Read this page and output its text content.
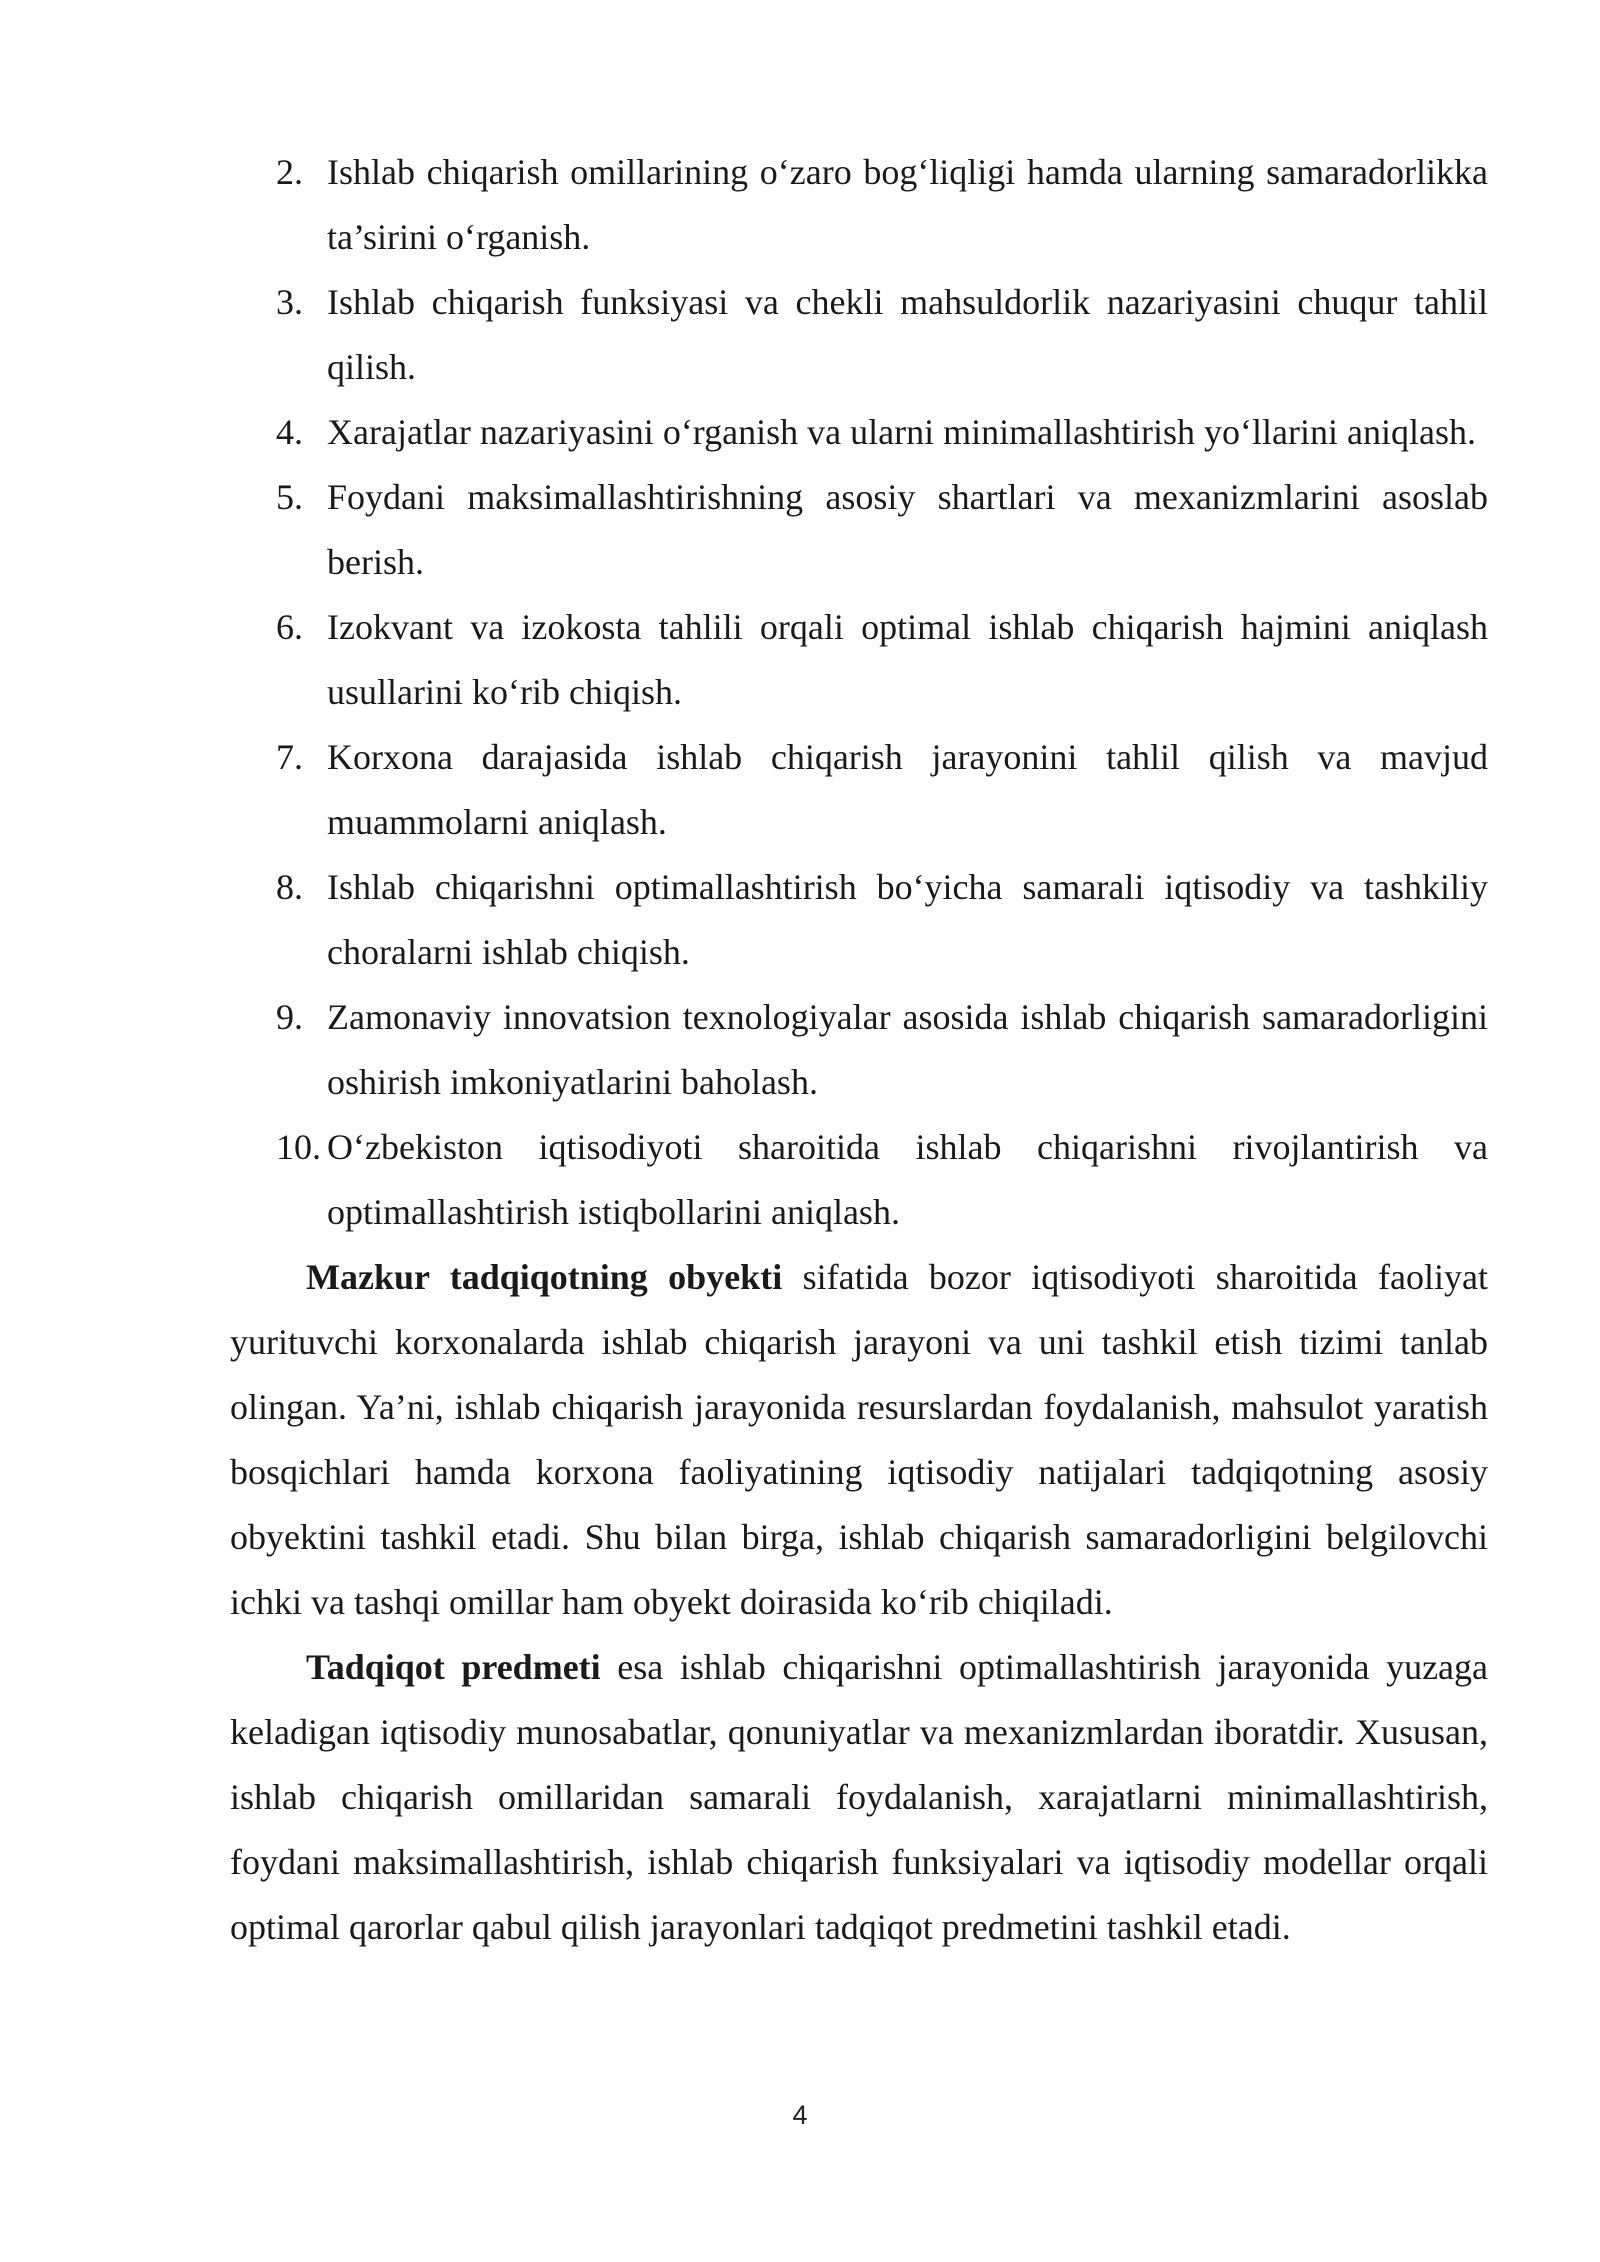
2. Ishlab chiqarish omillarining o‘zaro bog‘liqligi hamda ularning samaradorlikka ta’sirini o‘rganish.
3. Ishlab chiqarish funksiyasi va chekli mahsuldorlik nazariyasini chuqur tahlil qilish.
4. Xarajatlar nazariyasini o‘rganish va ularni minimallashtirish yo‘llarini aniqlash.
5. Foydani maksimallashtirishning asosiy shartlari va mexanizmlarini asoslab berish.
6. Izokvant va izokosta tahlili orqali optimal ishlab chiqarish hajmini aniqlash usullarini ko‘rib chiqish.
7. Korxona darajasida ishlab chiqarish jarayonini tahlil qilish va mavjud muammolarni aniqlash.
8. Ishlab chiqarishni optimallashtirish bo‘yicha samarali iqtisodiy va tashkiliy choralarni ishlab chiqish.
9. Zamonaviy innovatsion texnologiyalar asosida ishlab chiqarish samaradorligini oshirish imkoniyatlarini baholash.
10. O‘zbekiston iqtisodiyoti sharoitida ishlab chiqarishni rivojlantirish va optimallashtirish istiqbollarini aniqlash.

Mazkur tadqiqotning obyekti sifatida bozor iqtisodiyoti sharoitida faoliyat yurituvchi korxonalarda ishlab chiqarish jarayoni va uni tashkil etish tizimi tanlab olingan. Ya’ni, ishlab chiqarish jarayonida resurslardan foydalanish, mahsulot yaratish bosqichlari hamda korxona faoliyatining iqtisodiy natijalari tadqiqotning asosiy obyektini tashkil etadi. Shu bilan birga, ishlab chiqarish samaradorligini belgilovchi ichki va tashqi omillar ham obyekt doirasida ko‘rib chiqiladi.

Tadqiqot predmeti esa ishlab chiqarishni optimallashtirish jarayonida yuzaga keladigan iqtisodiy munosabatlar, qonuniyatlar va mexanizmlardan iboratdir. Xususan, ishlab chiqarish omillaridan samarali foydalanish, xarajatlarni minimallashtirish, foydani maksimallashtirish, ishlab chiqarish funksiyalari va iqtisodiy modellar orqali optimal qarorlar qabul qilish jarayonlari tadqiqot predmetini tashkil etadi.

4
